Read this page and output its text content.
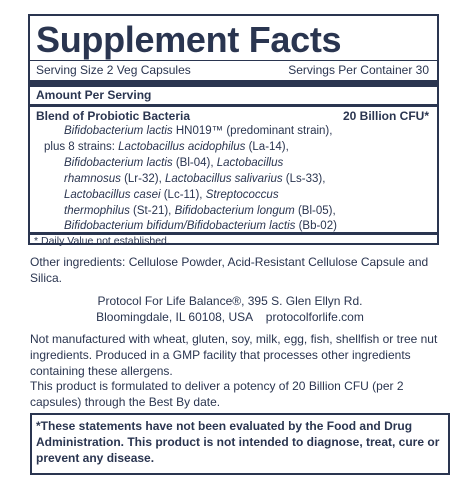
Supplement Facts
Serving Size 2 Veg Capsules	Servings Per Container 30
Amount Per Serving
Blend of Probiotic Bacteria	20 Billion CFU*
Bifidobacterium lactis HN019™ (predominant strain),
plus 8 strains: Lactobacillus acidophilus (La-14),
Bifidobacterium lactis (Bl-04), Lactobacillus
rhamnosus (Lr-32), Lactobacillus salivarius (Ls-33),
Lactobacillus casei (Lc-11), Streptococcus
thermophilus (St-21), Bifidobacterium longum (Bl-05),
Bifidobacterium bifidum/Bifidobacterium lactis (Bb-02)
* Daily Value not established.

Other ingredients: Cellulose Powder, Acid-Resistant Cellulose Capsule and Silica.

Protocol For Life Balance®, 395 S. Glen Ellyn Rd.
Bloomingdale, IL 60108, USA    protocolforlife.com

Not manufactured with wheat, gluten, soy, milk, egg, fish, shellfish or tree nut ingredients. Produced in a GMP facility that processes other ingredients containing these allergens.

This product is formulated to deliver a potency of 20 Billion CFU (per 2 capsules) through the Best By date.

*These statements have not been evaluated by the Food and Drug Administration. This product is not intended to diagnose, treat, cure or prevent any disease.
